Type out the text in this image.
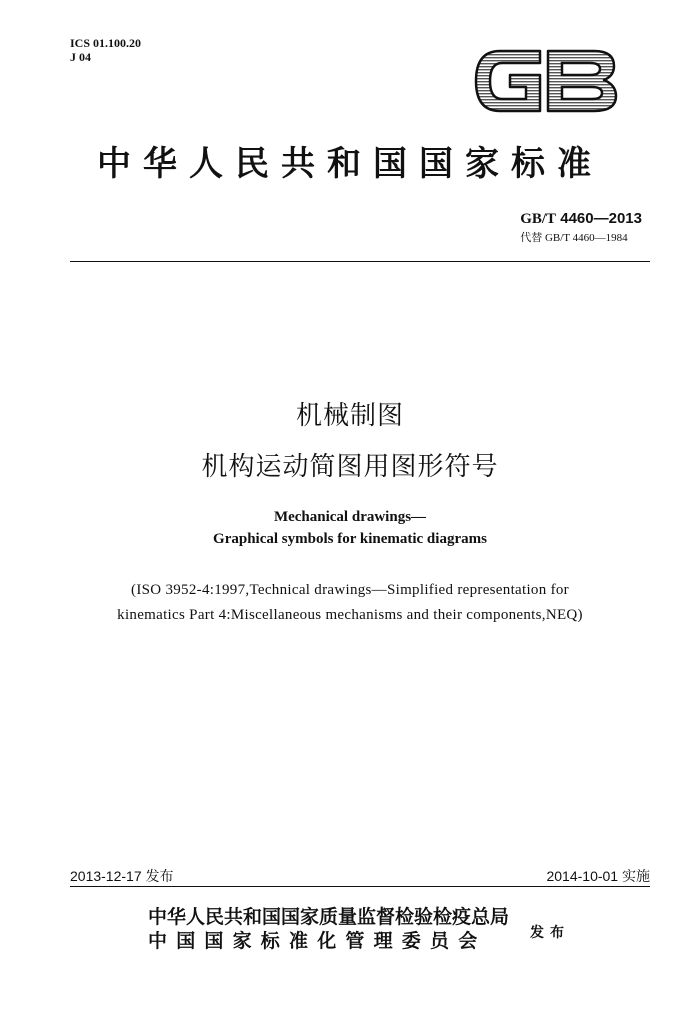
ICS 01.100.20
J 04
中华人民共和国国家标准
GB/T 4460—2013
代替 GB/T 4460—1984
机械制图
机构运动简图用图形符号
Mechanical drawings—
Graphical symbols for kinematic diagrams
(ISO 3952-4:1997,Technical drawings—Simplified representation for
kinematics Part 4:Miscellaneous mechanisms and their components,NEQ)
2013-12-17 发布	2014-10-01 实施
中华人民共和国国家质量监督检验检疫总局
中国国家标准化管理委员会	发布
